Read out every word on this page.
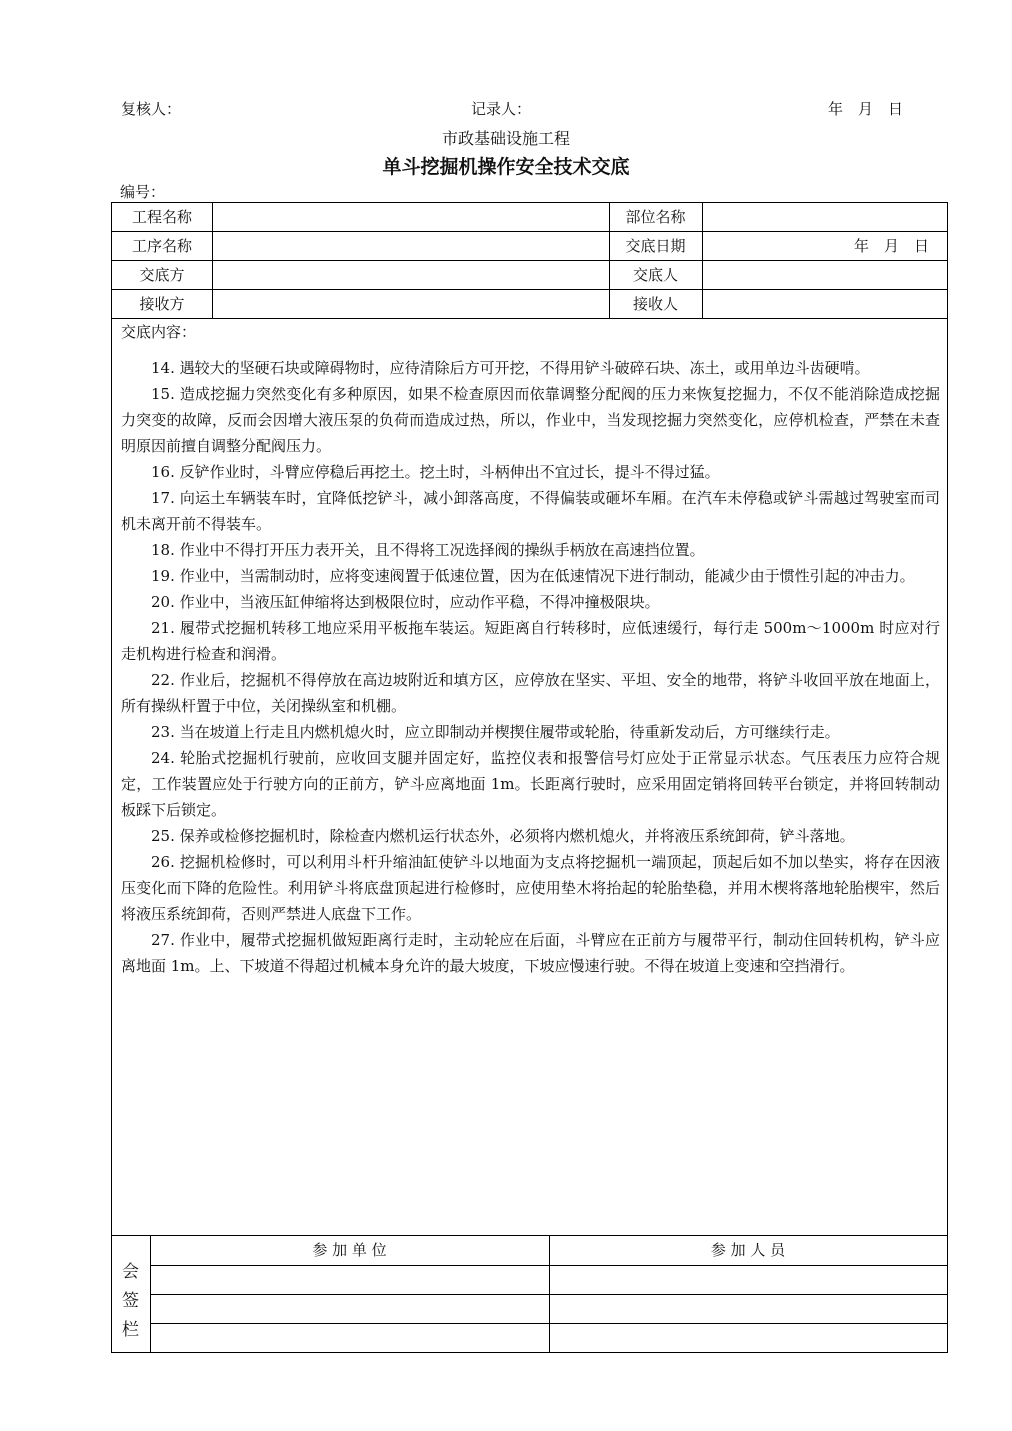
复核人：	记录人：	年　月　日
市政基础设施工程
单斗挖掘机操作安全技术交底
编号：
工程名称	部位名称
工序名称	交底日期	年　月　日
交底方	交底人
接收方	接收人
交底内容：

14. 遇较大的坚硬石块或障碍物时，应待清除后方可开挖，不得用铲斗破碎石块、冻土，或用单边斗齿硬啃。

15. 造成挖掘力突然变化有多种原因，如果不检查原因而依靠调整分配阀的压力来恢复挖掘力，不仅不能消除造成挖掘力突变的故障，反而会因增大液压泵的负荷而造成过热，所以，作业中，当发现挖掘力突然变化，应停机检查，严禁在未查明原因前擅自调整分配阀压力。

16. 反铲作业时，斗臂应停稳后再挖土。挖土时，斗柄伸出不宜过长，提斗不得过猛。

17. 向运土车辆装车时，宜降低挖铲斗，减小卸落高度，不得偏装或砸坏车厢。在汽车未停稳或铲斗需越过驾驶室而司机未离开前不得装车。

18. 作业中不得打开压力表开关，且不得将工况选择阀的操纵手柄放在高速挡位置。

19. 作业中，当需制动时，应将变速阀置于低速位置，因为在低速情况下进行制动，能减少由于惯性引起的冲击力。

20. 作业中，当液压缸伸缩将达到极限位时，应动作平稳，不得冲撞极限块。

21. 履带式挖掘机转移工地应采用平板拖车装运。短距离自行转移时，应低速缓行，每行走 500m～1000m 时应对行走机构进行检查和润滑。

22. 作业后，挖掘机不得停放在高边坡附近和填方区，应停放在坚实、平坦、安全的地带，将铲斗收回平放在地面上，所有操纵杆置于中位，关闭操纵室和机棚。

23. 当在坡道上行走且内燃机熄火时，应立即制动并楔揳住履带或轮胎，待重新发动后，方可继续行走。

24. 轮胎式挖掘机行驶前，应收回支腿并固定好，监控仪表和报警信号灯应处于正常显示状态。气压表压力应符合规定，工作装置应处于行驶方向的正前方，铲斗应离地面 1m。长距离行驶时，应采用固定销将回转平台锁定，并将回转制动板踩下后锁定。

25. 保养或检修挖掘机时，除检查内燃机运行状态外，必须将内燃机熄火，并将液压系统卸荷，铲斗落地。

26. 挖掘机检修时，可以利用斗杆升缩油缸使铲斗以地面为支点将挖掘机一端顶起，顶起后如不加以垫实，将存在因液压变化而下降的危险性。利用铲斗将底盘顶起进行检修时，应使用垫木将抬起的轮胎垫稳，并用木楔将落地轮胎楔牢，然后将液压系统卸荷，否则严禁进人底盘下工作。

27. 作业中，履带式挖掘机做短距离行走时，主动轮应在后面，斗臂应在正前方与履带平行，制动住回转机构，铲斗应离地面 1m。上、下坡道不得超过机械本身允许的最大坡度，下坡应慢速行驶。不得在坡道上变速和空挡滑行。

会
签
栏
参 加 单 位	参 加 人 员
